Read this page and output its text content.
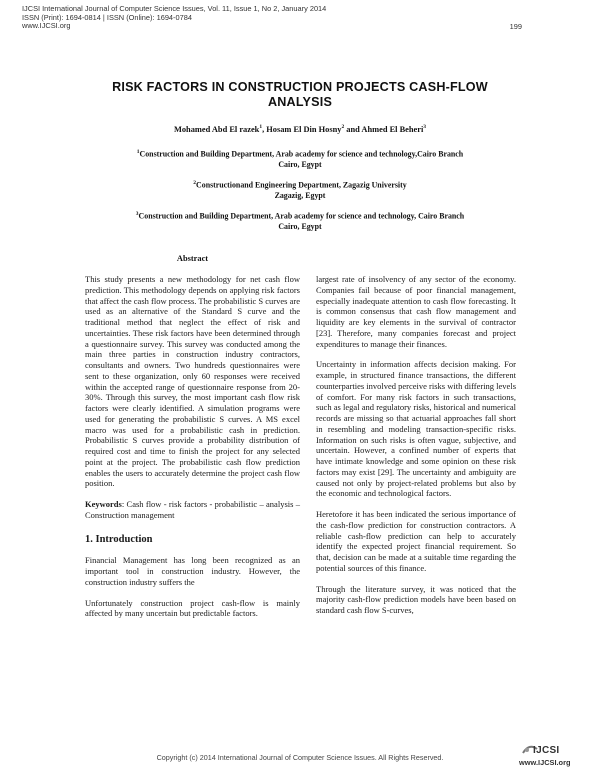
IJCSI International Journal of Computer Science Issues, Vol. 11, Issue 1, No 2, January 2014
ISSN (Print): 1694-0814 | ISSN (Online): 1694-0784
www.IJCSI.org	199
RISK FACTORS IN CONSTRUCTION PROJECTS CASH-FLOW
ANALYSIS
Mohamed Abd El razek$^1$, Hosam El Din Hosny$^2$ and Ahmed El Beheri$^3$
$^1$Construction and Building Department, Arab academy for science and technology,Cairo Branch
Cairo, Egypt
$^2$Constructionand Engineering Department, Zagazig University
Zagazig, Egypt
$^3$Construction and Building Department, Arab academy for science and technology, Cairo Branch
Cairo, Egypt
Abstract

This study presents a new methodology for net cash flow prediction. This methodology depends on applying risk factors that affect the cash flow process. The probabilistic S curves are used as an alternative of the Standard S curve and the traditional method that neglect the effect of risk and uncertainties. These risk factors have been determined through a questionnaire survey. This survey was conducted among the main three parties in construction industry contractors, consultants and owners. Two hundreds questionnaires were sent to these organization, only 60 responses were received within the accepted range of questionnaire response from 20-30%. Through this survey, the most important cash flow risk factors were clearly identified. A simulation programs were used for generating the probabilistic S curves. A MS excel macro was used for a probabilistic cash in prediction. Probabilistic S curves provide a probability distribution of required cost and time to finish the project for any selected point at the project. The probabilistic cash flow prediction enables the users to accurately determine the project cash flow position.

Keywords: Cash flow - risk factors - probabilistic – analysis – Construction management

1. Introduction

Financial Management has long been recognized as an important tool in construction industry. However, the construction industry suffers the

Unfortunately construction project cash-flow is mainly affected by many uncertain but predictable factors.

largest rate of insolvency of any sector of the economy. Companies fail because of poor financial management, especially inadequate attention to cash flow forecasting. It is common consensus that cash flow management and liquidity are key elements in the survival of contractor [23]. Therefore, many companies forecast and project expenditures to manage their finances.

Uncertainty in information affects decision making. For example, in structured finance transactions, the different counterparties involved perceive risks with differing levels of comfort. For many risk factors in such transactions, such as legal and regulatory risks, historical and numerical records are missing so that actuarial approaches fall short in resembling and modeling transaction-specific risks. Information on such risks is often vague, subjective, and uncertain. However, a confined number of experts that have intimate knowledge and some opinion on these risk factors may exist [29]. The uncertainty and ambiguity are caused not only by project-related problems but also by the economic and technological factors.

Heretofore it has been indicated the serious importance of the cash-flow prediction for construction contractors. A reliable cash-flow prediction can help to accurately identify the expected project financial requirement. So that, decision can be made at a suitable time regarding the potential sources of this finance.

Through the literature survey, it was noticed that the majority cash-flow prediction models have been based on standard cash flow S-curves,

Copyright (c) 2014 International Journal of Computer Science Issues. All Rights Reserved.
IJCSI
www.IJCSI.org
